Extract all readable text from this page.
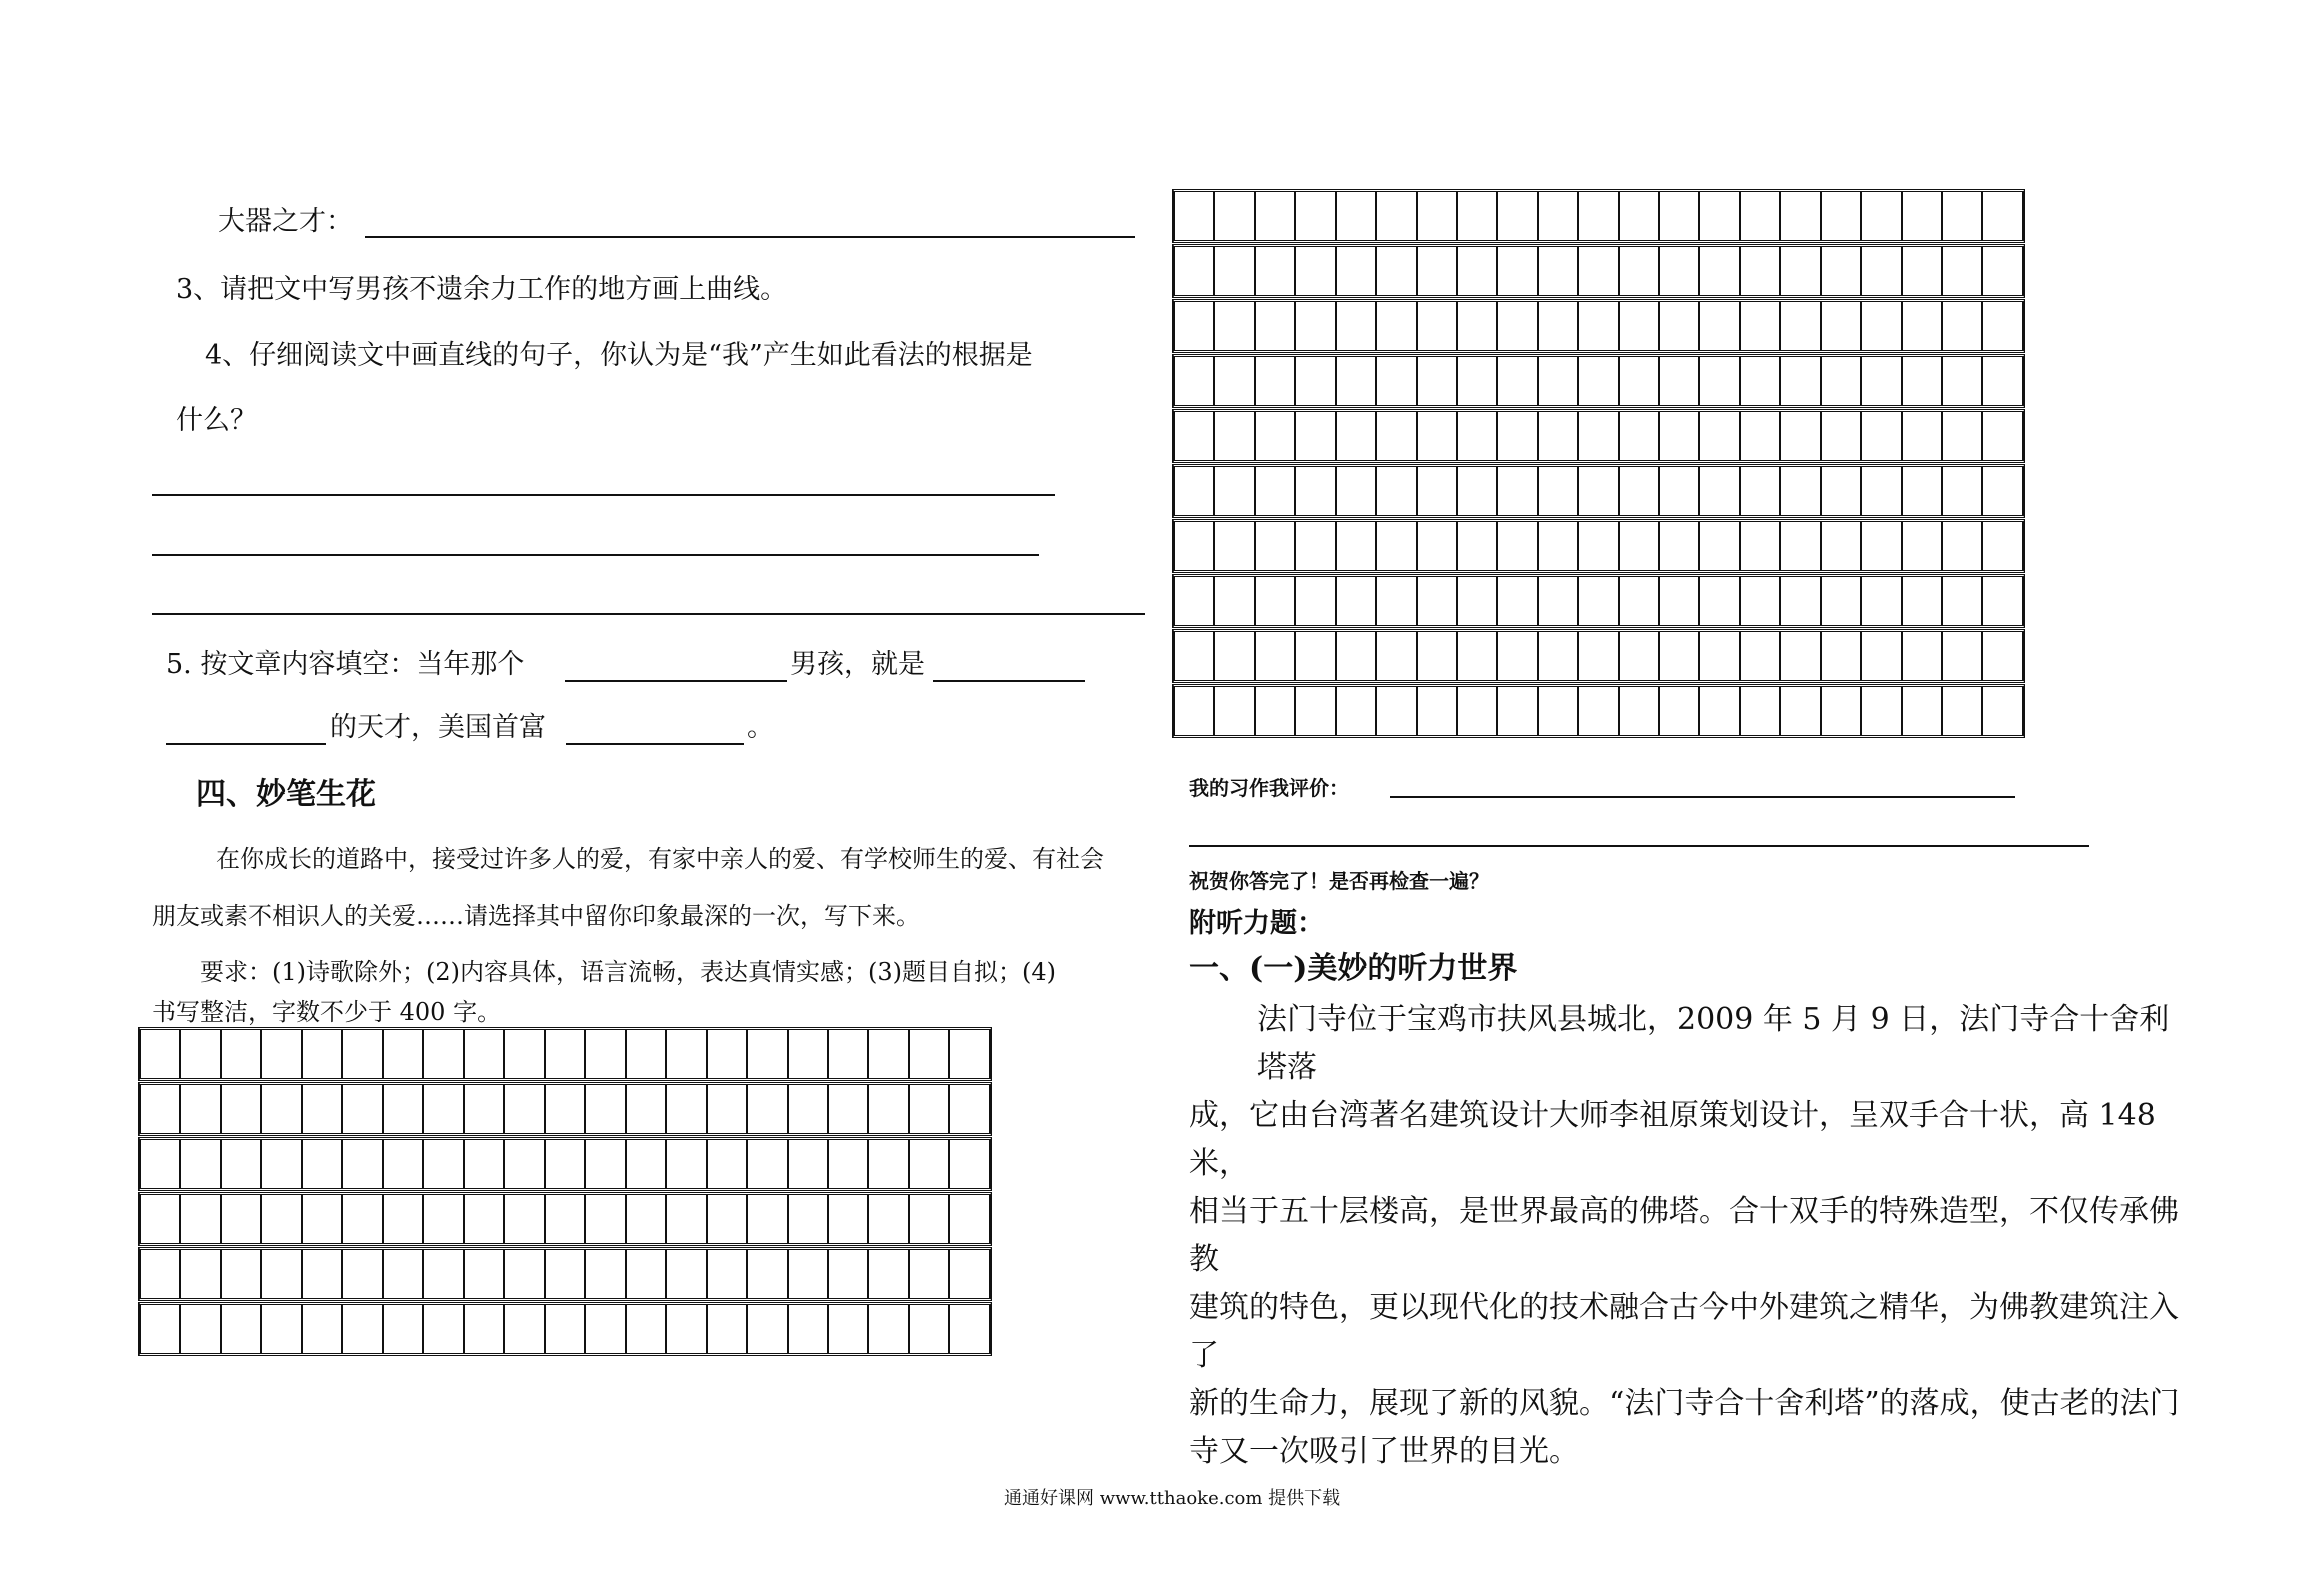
大器之才：
3、请把文中写男孩不遗余力工作的地方画上曲线。
4、仔细阅读文中画直线的句子，你认为是“我”产生如此看法的根据是
什么？
5. 按文章内容填空：当年那个	男孩，就是
的天才，美国首富	。
四、妙笔生花
在你成长的道路中，接受过许多人的爱，有家中亲人的爱、有学校师生的爱、有社会
朋友或素不相识人的关爱……请选择其中留你印象最深的一次，写下来。
要求：(1)诗歌除外；(2)内容具体，语言流畅，表达真情实感；(3)题目自拟；(4)
书写整洁，字数不少于 400 字。
我的习作我评价：
祝贺你答完了！是否再检查一遍？
附听力题：
一、(一)美妙的听力世界
法门寺位于宝鸡市扶风县城北，2009 年 5 月 9 日，法门寺合十舍利塔落
成，它由台湾著名建筑设计大师李祖原策划设计，呈双手合十状，高 148 米，
相当于五十层楼高，是世界最高的佛塔。合十双手的特殊造型，不仅传承佛教
建筑的特色，更以现代化的技术融合古今中外建筑之精华，为佛教建筑注入了
新的生命力，展现了新的风貌。“法门寺合十舍利塔”的落成，使古老的法门
寺又一次吸引了世界的目光。
通通好课网 www.tthaoke.com 提供下载
